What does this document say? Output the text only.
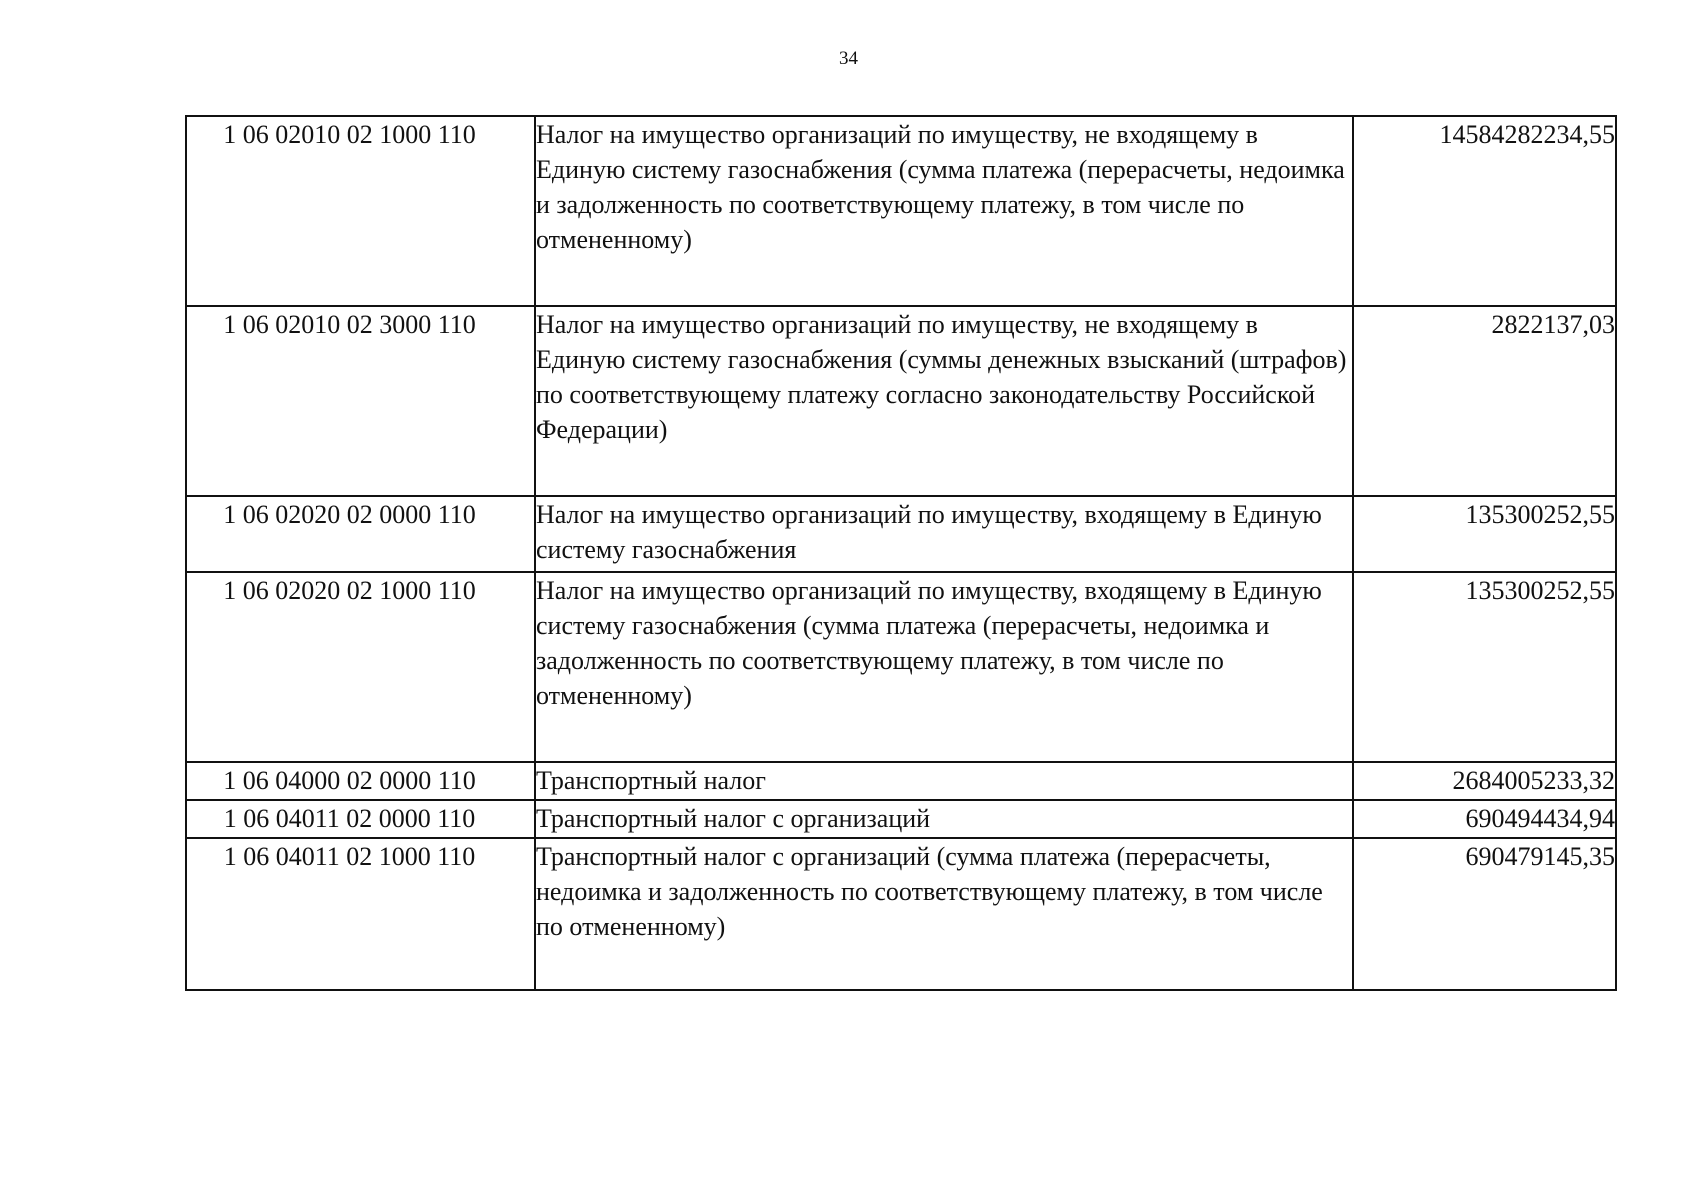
34
1 06 02010 02 1000 110	Налог на имущество организаций по имуществу, не входящему в Единую систему газоснабжения (сумма платежа (перерасчеты, недоимка и задолженность по соответствующему платежу, в том числе по отмененному)	14584282234,55
1 06 02010 02 3000 110	Налог на имущество организаций по имуществу, не входящему в Единую систему газоснабжения (суммы денежных взысканий (штрафов) по соответствующему платежу согласно законодательству Российской Федерации)	2822137,03
1 06 02020 02 0000 110	Налог на имущество организаций по имуществу, входящему в Единую систему газоснабжения	135300252,55
1 06 02020 02 1000 110	Налог на имущество организаций по имуществу, входящему в Единую систему газоснабжения (сумма платежа (перерасчеты, недоимка и задолженность по соответствующему платежу, в том числе по отмененному)	135300252,55
1 06 04000 02 0000 110	Транспортный налог	2684005233,32
1 06 04011 02 0000 110	Транспортный налог с организаций	690494434,94
1 06 04011 02 1000 110	Транспортный налог с организаций (сумма платежа (перерасчеты, недоимка и задолженность по соответствующему платежу, в том числе по отмененному)	690479145,35
